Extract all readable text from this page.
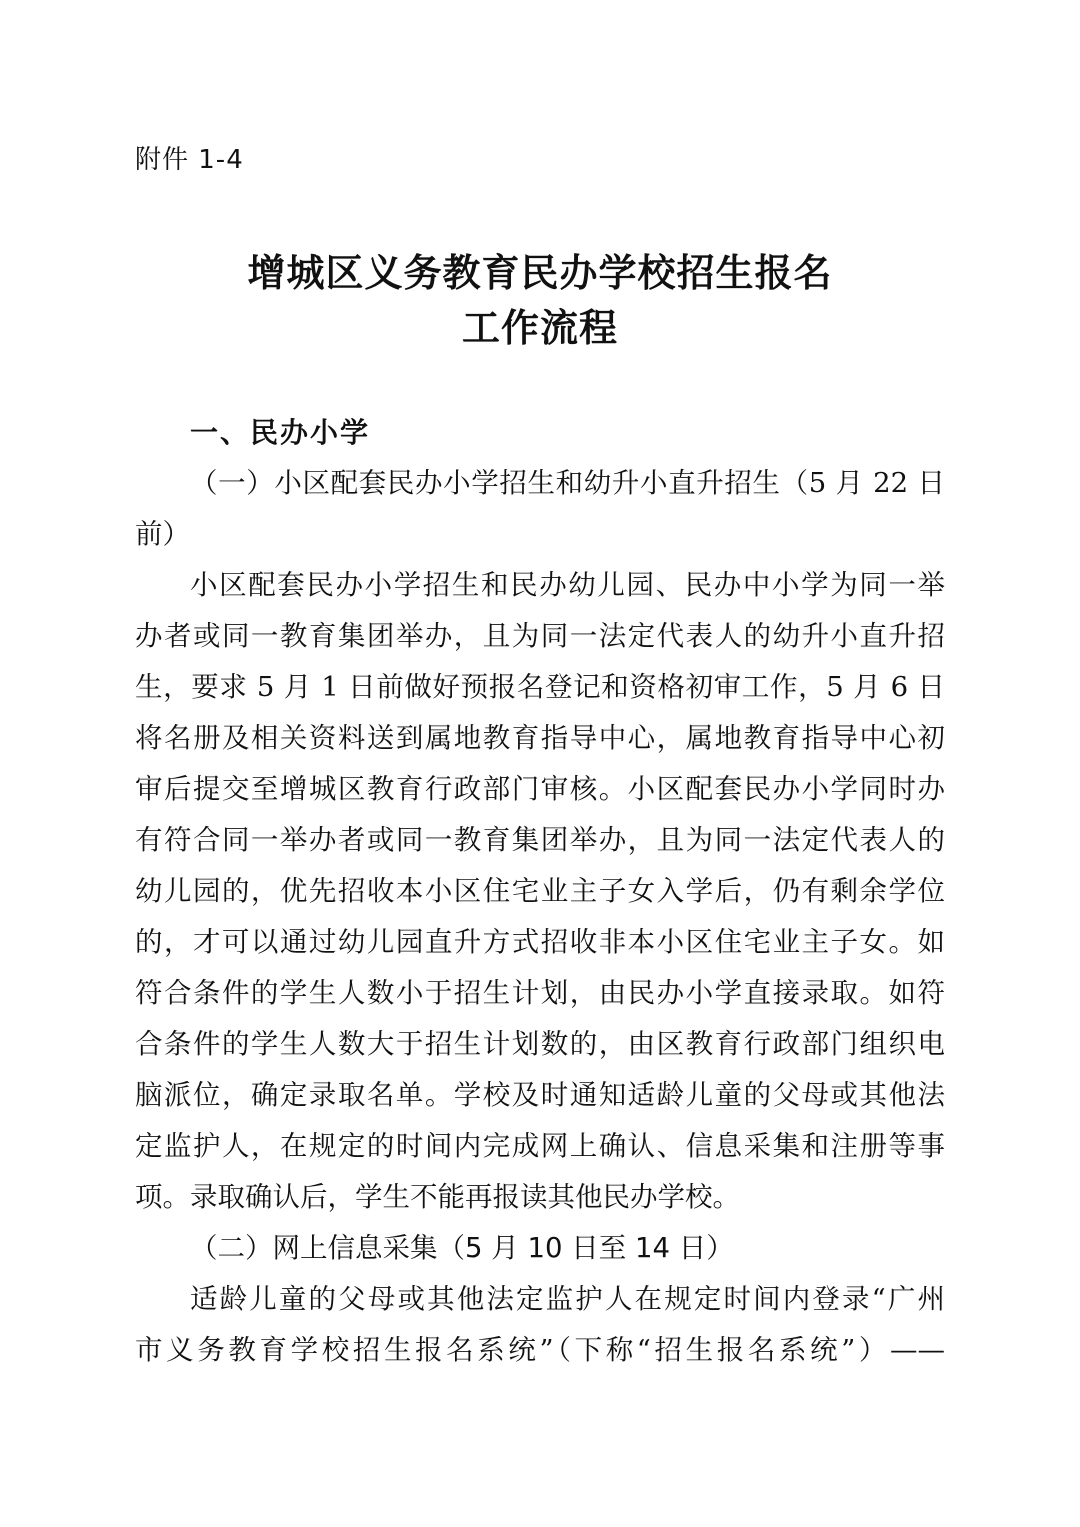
附件 1-4
增城区义务教育民办学校招生报名
工作流程
一、民办小学
（一）小区配套民办小学招生和幼升小直升招生（5 月 22 日
前）
小区配套民办小学招生和民办幼儿园、民办中小学为同一举
办者或同一教育集团举办，且为同一法定代表人的幼升小直升招
生，要求 5 月 1 日前做好预报名登记和资格初审工作，5 月 6 日
将名册及相关资料送到属地教育指导中心，属地教育指导中心初
审后提交至增城区教育行政部门审核。小区配套民办小学同时办
有符合同一举办者或同一教育集团举办，且为同一法定代表人的
幼儿园的，优先招收本小区住宅业主子女入学后，仍有剩余学位
的，才可以通过幼儿园直升方式招收非本小区住宅业主子女。如
符合条件的学生人数小于招生计划，由民办小学直接录取。如符
合条件的学生人数大于招生计划数的，由区教育行政部门组织电
脑派位，确定录取名单。学校及时通知适龄儿童的父母或其他法
定监护人，在规定的时间内完成网上确认、信息采集和注册等事
项。录取确认后，学生不能再报读其他民办学校。
（二）网上信息采集（5 月 10 日至 14 日）
适龄儿童的父母或其他法定监护人在规定时间内登录“广州
市义务教育学校招生报名系统”（下称“招生报名系统”）——
